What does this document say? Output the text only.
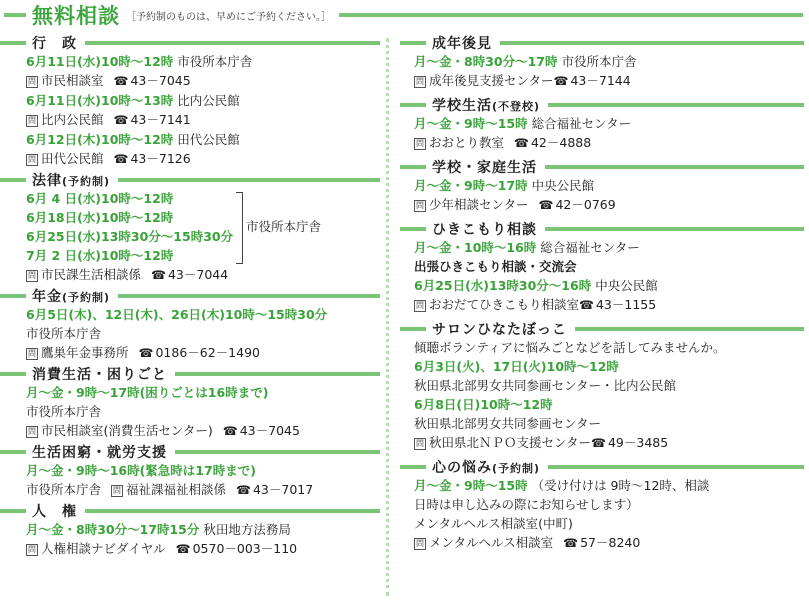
無料相談 ［予約制のものは、早めにご予約ください。］
行　政
6月11日(水)10時～12時 市役所本庁舎
問 市民相談室 ☎ 43－7045
6月11日(水)10時～13時 比内公民館
問 比内公民館 ☎ 43－7141
6月12日(木)10時～12時 田代公民館
問 田代公民館 ☎ 43－7126
法律(予約制)
6月 4 日(水)10時～12時
6月18日(水)10時～12時
6月25日(水)13時30分～15時30分
7月 2 日(水)10時～12時
市役所本庁舎
問 市民課生活相談係 ☎ 43－7044
年金(予約制)
6月5日(木)、12日(木)、26日(木)10時～15時30分
市役所本庁舎
問 鷹巣年金事務所 ☎ 0186－62－1490
消費生活・困りごと
月～金・9時～17時(困りごとは16時まで)
市役所本庁舎
問 市民相談室(消費生活センター) ☎ 43－7045
生活困窮・就労支援
月～金・9時～16時(緊急時は17時まで)
市役所本庁舎 問 福祉課福祉相談係 ☎ 43－7017
人　権
月～金・8時30分～17時15分 秋田地方法務局
問 人権相談ナビダイヤル ☎ 0570－003－110
成年後見
月～金・8時30分～17時 市役所本庁舎
問 成年後見支援センター☎ 43－7144
学校生活(不登校)
月～金・9時～15時 総合福祉センター
問 おおとり教室 ☎ 42－4888
学校・家庭生活
月～金・9時～17時 中央公民館
問 少年相談センター ☎ 42－0769
ひきこもり相談
月～金・10時～16時 総合福祉センター
出張ひきこもり相談・交流会
6月25日(水)13時30分～16時 中央公民館
問 おおだてひきこもり相談室☎ 43－1155
サロンひなたぼっこ
傾聴ボランティアに悩みごとなどを話してみませんか。
6月3日(火)、17日(火)10時～12時
秋田県北部男女共同参画センター・比内公民館
6月8日(日)10時～12時
秋田県北部男女共同参画センター
問 秋田県北ＮＰＯ支援センター☎ 49－3485
心の悩み(予約制)
月～金・9時～15時 （受け付けは 9時～12時、相談
日時は申し込みの際にお知らせします）
メンタルヘルス相談室(中町)
問 メンタルヘルス相談室 ☎ 57－8240
